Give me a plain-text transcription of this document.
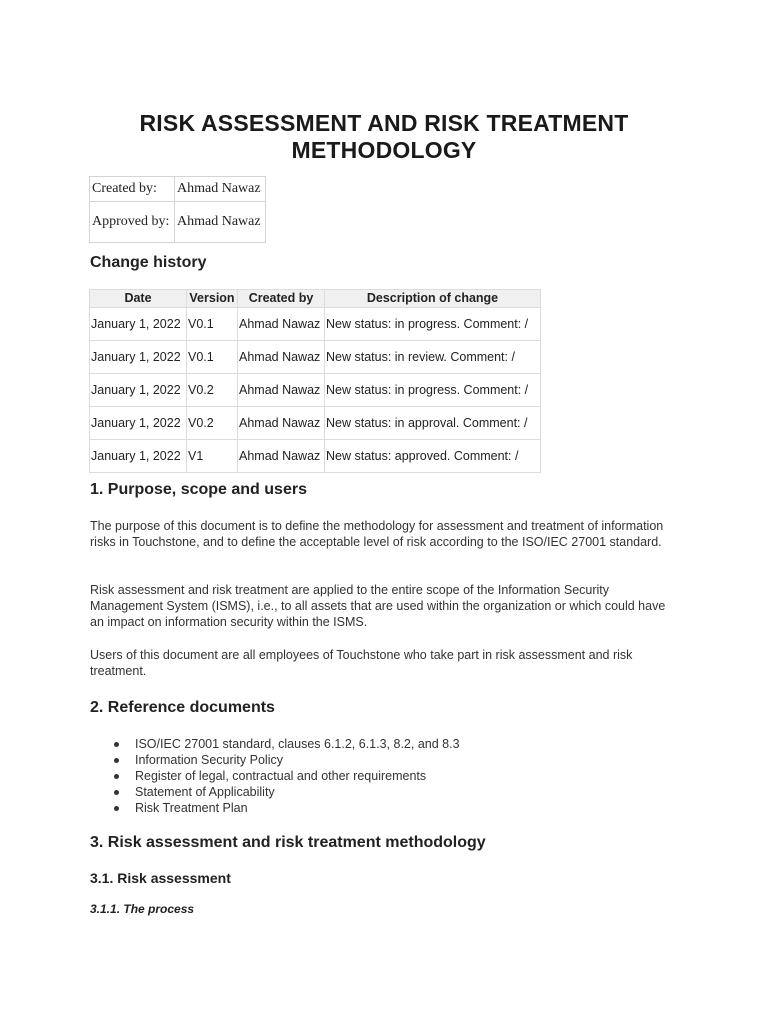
RISK ASSESSMENT AND RISK TREATMENT
METHODOLOGY
Created by:	Ahmad Nawaz
Approved by:	Ahmad Nawaz
Change history
Date	Version	Created by	Description of change
January 1, 2022	V0.1	Ahmad Nawaz	New status: in progress. Comment: /
January 1, 2022	V0.1	Ahmad Nawaz	New status: in review. Comment: /
January 1, 2022	V0.2	Ahmad Nawaz	New status: in progress. Comment: /
January 1, 2022	V0.2	Ahmad Nawaz	New status: in approval. Comment: /
January 1, 2022	V1	Ahmad Nawaz	New status: approved. Comment: /
1. Purpose, scope and users

The purpose of this document is to define the methodology for assessment and treatment of information risks in Touchstone, and to define the acceptable level of risk according to the ISO/IEC 27001 standard.

Risk assessment and risk treatment are applied to the entire scope of the Information Security Management System (ISMS), i.e., to all assets that are used within the organization or which could have an impact on information security within the ISMS.

Users of this document are all employees of Touchstone who take part in risk assessment and risk treatment.

2. Reference documents
ISO/IEC 27001 standard, clauses 6.1.2, 6.1.3, 8.2, and 8.3
Information Security Policy
Register of legal, contractual and other requirements
Statement of Applicability
Risk Treatment Plan
3. Risk assessment and risk treatment methodology
3.1. Risk assessment
3.1.1. The process
